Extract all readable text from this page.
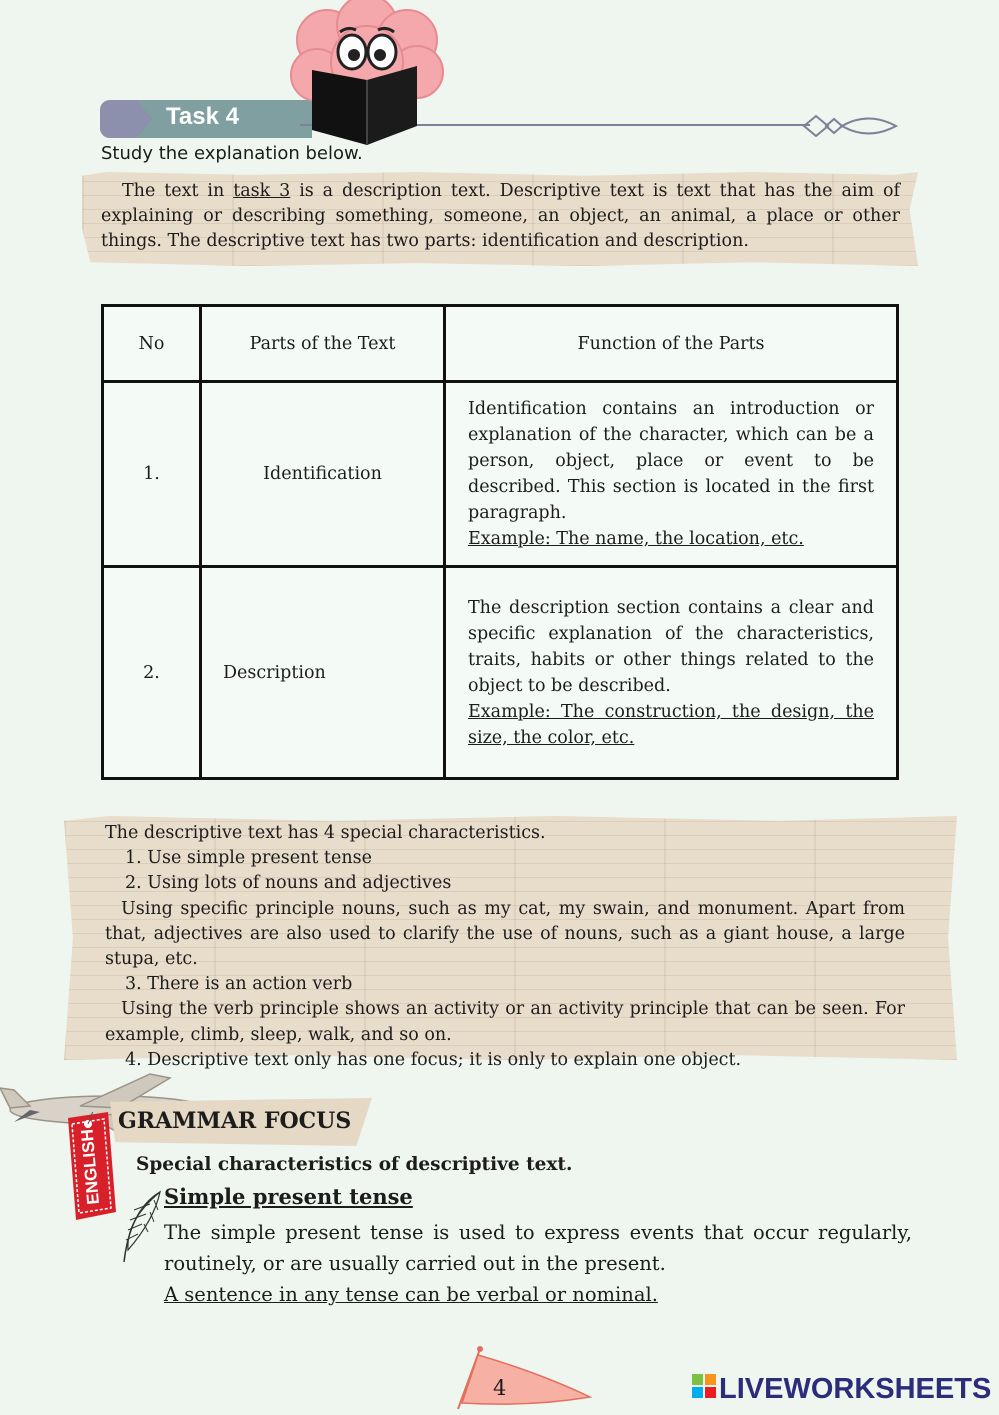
Task 4
Study the explanation below.

The text in task 3 is a description text. Descriptive text is text that has the aim of explaining or describing something, someone, an object, an animal, a place or other things. The descriptive text has two parts: identification and description.

No	Parts of the Text	Function of the Parts
1.	Identification	Identification contains an introduction or explanation of the character, which can be a person, object, place or event to be described. This section is located in the first paragraph.
Example: The name, the location, etc.

2.	Description	The description section contains a clear and specific explanation of the characteristics, traits, habits or other things related to the object to be described.
Example: The construction, the design, the size, the color, etc.

The descriptive text has 4 special characteristics.

1. Use simple present tense

2. Using lots of nouns and adjectives

Using specific principle nouns, such as my cat, my swain, and monument. Apart from that, adjectives are also used to clarify the use of nouns, such as a giant house, a large stupa, etc.

3. There is an action verb

Using the verb principle shows an activity or an activity principle that can be seen. For example, climb, sleep, walk, and so on.

4. Descriptive text only has one focus; it is only to explain one object.

GRAMMAR FOCUS
ENGLISH Special characteristics of descriptive text.
Simple present tense

The simple present tense is used to express events that occur regularly, routinely, or are usually carried out in the present.

A sentence in any tense can be verbal or nominal.

4	LIVEWORKSHEETS
